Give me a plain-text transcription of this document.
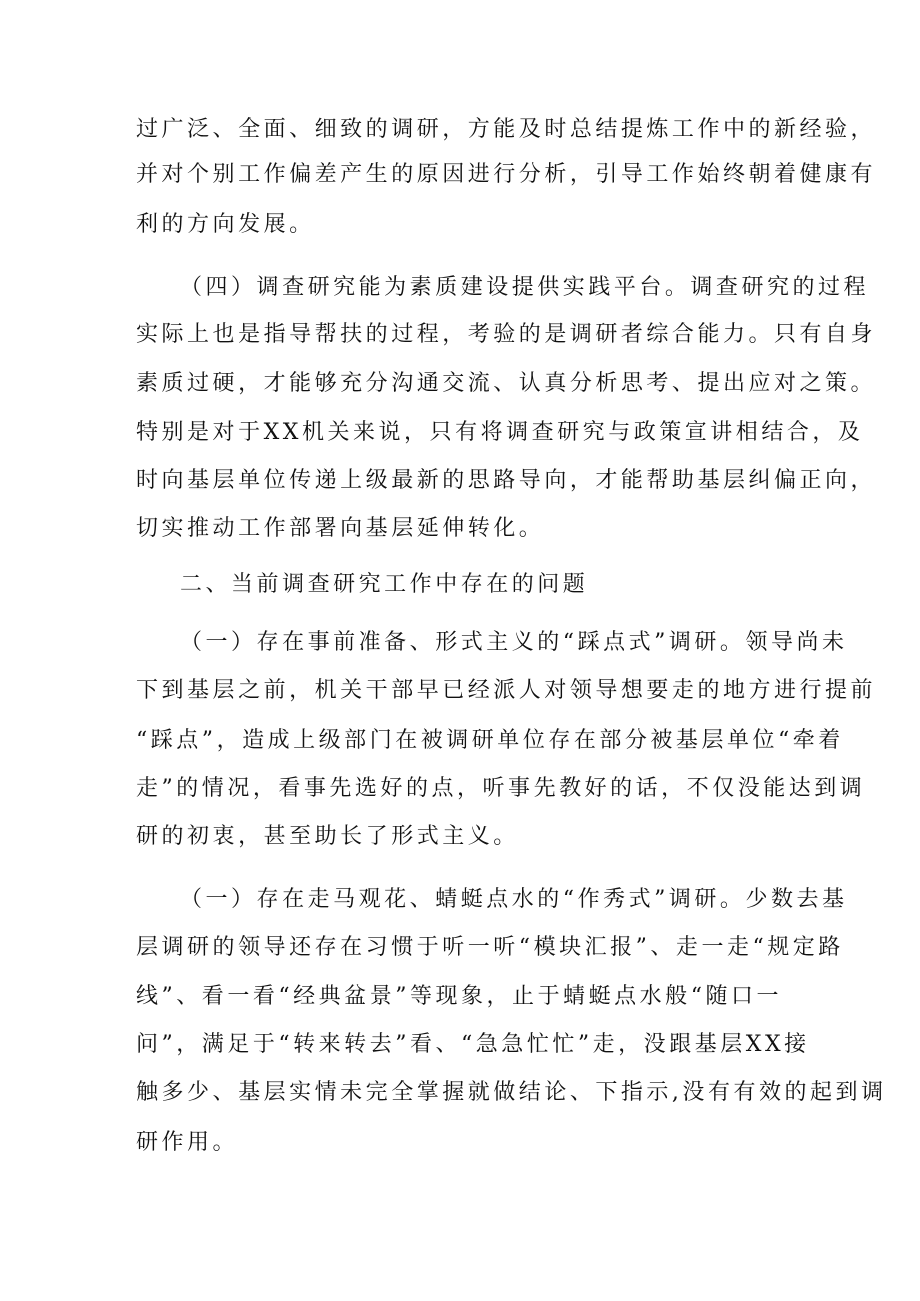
过广泛、全面、细致的调研，方能及时总结提炼工作中的新经验，

并对个别工作偏差产生的原因进行分析，引导工作始终朝着健康有

利的方向发展。

（四）调查研究能为素质建设提供实践平台。调查研究的过程

实际上也是指导帮扶的过程，考验的是调研者综合能力。只有自身

素质过硬，才能够充分沟通交流、认真分析思考、提出应对之策。

特别是对于XX机关来说，只有将调查研究与政策宣讲相结合，及

时向基层单位传递上级最新的思路导向，才能帮助基层纠偏正向，

切实推动工作部署向基层延伸转化。

二、当前调查研究工作中存在的问题

（一）存在事前准备、形式主义的“踩点式”调研。领导尚未

下到基层之前，机关干部早已经派人对领导想要走的地方进行提前

“踩点”，造成上级部门在被调研单位存在部分被基层单位“牵着

走”的情况，看事先选好的点，听事先教好的话，不仅没能达到调

研的初衷，甚至助长了形式主义。

（一）存在走马观花、蜻蜓点水的“作秀式”调研。少数去基

层调研的领导还存在习惯于听一听“模块汇报”、走一走“规定路

线”、看一看“经典盆景”等现象，止于蜻蜓点水般“随口一

问”，满足于“转来转去”看、“急急忙忙”走，没跟基层XX接

触多少、基层实情未完全掌握就做结论、下指示,没有有效的起到调

研作用。
